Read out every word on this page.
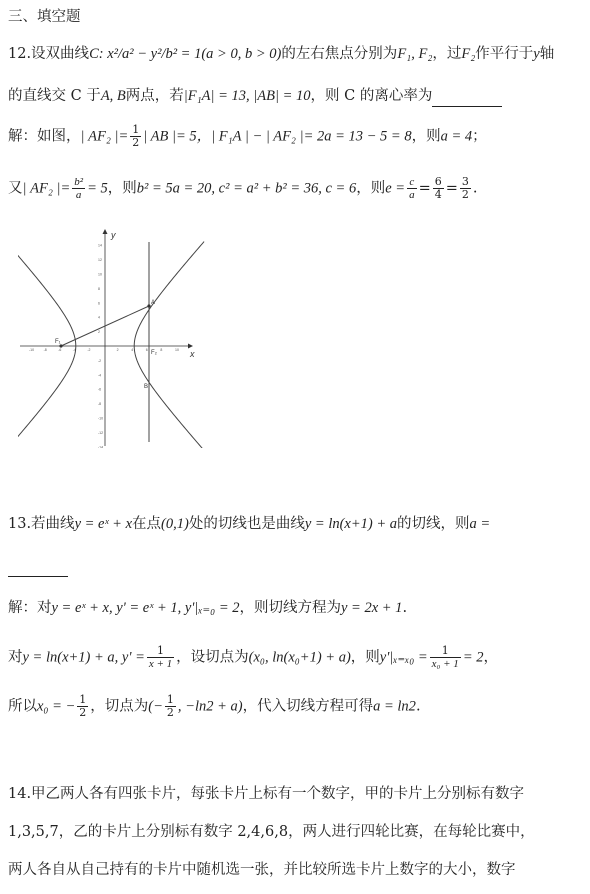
三、填空题
12.设双曲线C: x²/a² − y²/b² = 1(a > 0, b > 0)的左右焦点分别为F₁, F₂，过F₂作平行于y轴
的直线交 C 于A, B两点，若|F₁A| = 13, |AB| = 10，则 C 的离心率为
解：如图，| AF₂ |= $\frac{1}{2}$ | AB |= 5，| F₁A | − | AF₂ |= 2a = 13 − 5 = 8，则a = 4；
又| AF₂ |= $\frac{\text{b²}}{a} = 5$，则b² = 5a = 20, c² = a² + b² = 36, c = 6，则$e = \frac{c}{a} = \frac{6}{4} = \frac{3}{2}$ .
x
y
-10	-8	-6	-4	-2	2	4	6	8	10
14
12
10
8
6
4
2
-2
-4
-6
-8
-10
-12
-14
F₁
F₂
A
B
13.若曲线y = eˣ + x在点(0,1)处的切线也是曲线y = ln(x+1) + a的切线，则a =

解：对y = eˣ + x, y' = eˣ + 1, y'|ₓ₌₀ = 2，则切线方程为y = 2x + 1.
对y = ln(x+1) + a, $y' = \frac{1}{x + 1}$ ，设切点为(x₀, ln(x₀+1) + a)，则$y'|_{x=x0} = \frac{1}{\text{x₀ + 1}} = 2$，
所以x₀ = − $\frac{1}{2}$ ，切点为(− $\frac{1}{2}$ , −ln2 + a)，代入切线方程可得a = ln2.
14.甲乙两人各有四张卡片，每张卡片上标有一个数字，甲的卡片上分别标有数字
1,3,5,7，乙的卡片上分别标有数字 2,4,6,8，两人进行四轮比赛，在每轮比赛中，
两人各自从自己持有的卡片中随机选一张，并比较所选卡片上数字的大小，数字
